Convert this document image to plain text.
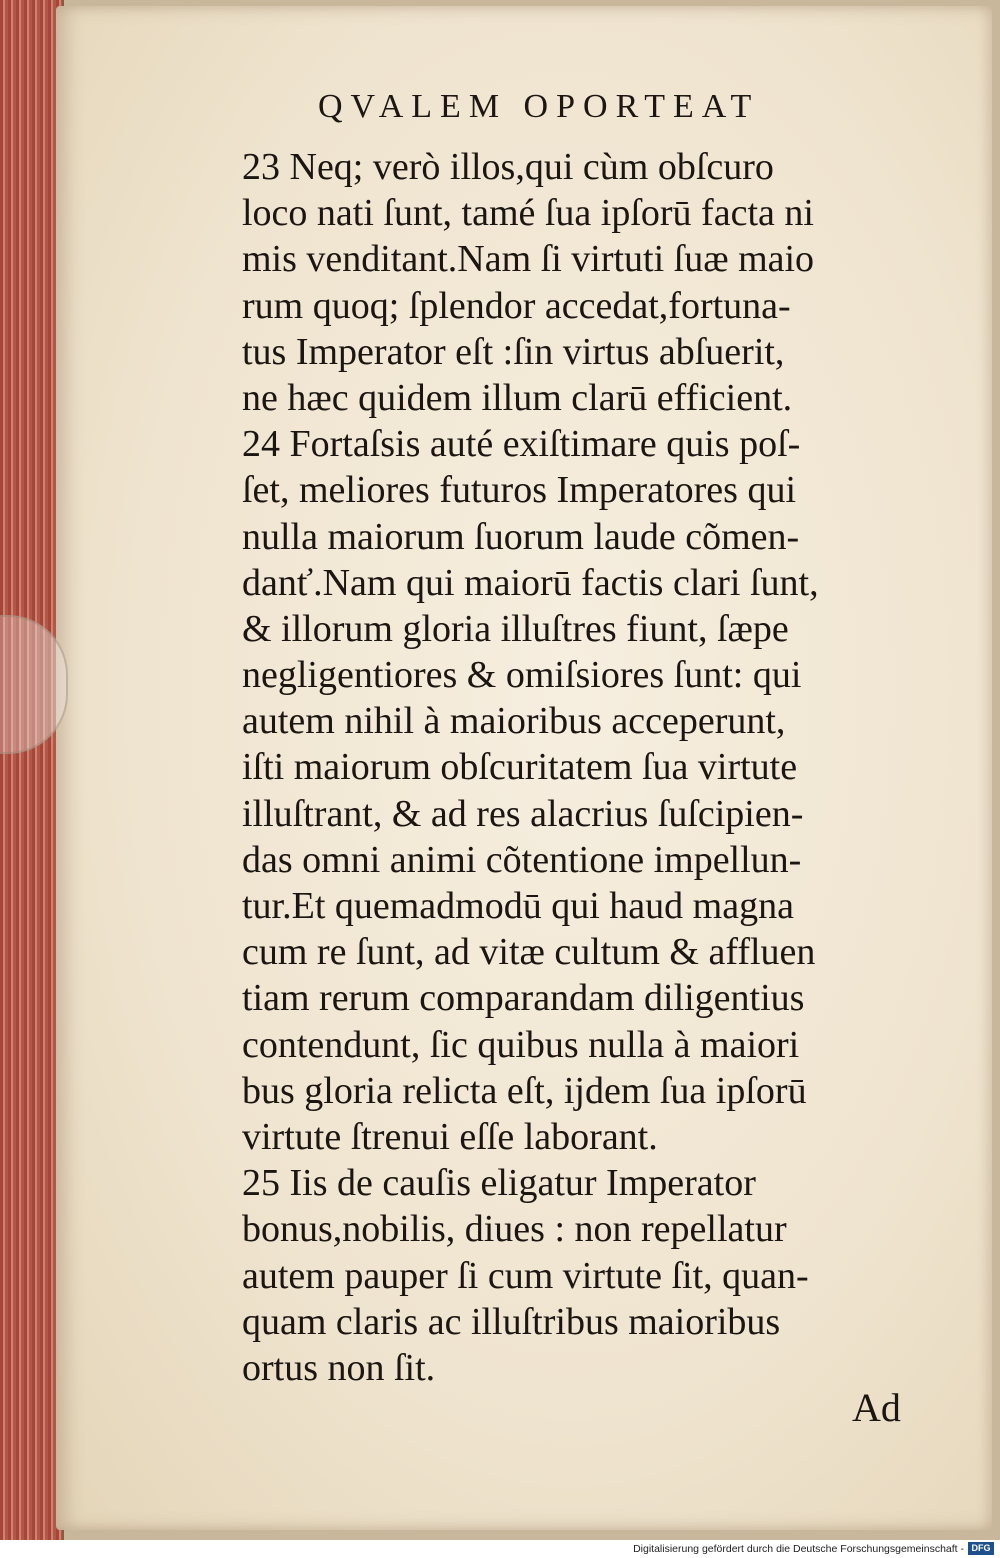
QVALEM OPORTEAT
23 Neq; verò illos,qui cùm obſcuro
loco nati ſunt, tamé ſua ipſorū facta ni
mis venditant.Nam ſi virtuti ſuæ maio
rum quoq; ſplendor accedat,fortuna-
tus Imperator eſt :ſin virtus abſuerit,
ne hæc quidem illum clarū efficient.
24 Fortaſsis auté exiſtimare quis poſ-
ſet, meliores futuros Imperatores qui
nulla maiorum ſuorum laude cõmen-
danť.Nam qui maiorū factis clari ſunt,
& illorum gloria illuſtres fiunt, ſæpe
negligentiores & omiſsiores ſunt: qui
autem nihil à maioribus acceperunt,
iſti maiorum obſcuritatem ſua virtute
illuſtrant, & ad res alacrius ſuſcipien-
das omni animi cõtentione impellun-
tur.Et quemadmodū qui haud magna
cum re ſunt, ad vitæ cultum & affluen
tiam rerum comparandam diligentius
contendunt, ſic quibus nulla à maiori
bus gloria relicta eſt, ijdem ſua ipſorū
virtute ſtrenui eſſe laborant.
25 Iis de cauſis eligatur Imperator
bonus,nobilis, diues : non repellatur
autem pauper ſi cum virtute ſit, quan-
quam claris ac illuſtribus maioribus
ortus non ſit.
Ad
Digitalisierung gefördert durch die Deutsche Forschungsgemeinschaft - DFG
